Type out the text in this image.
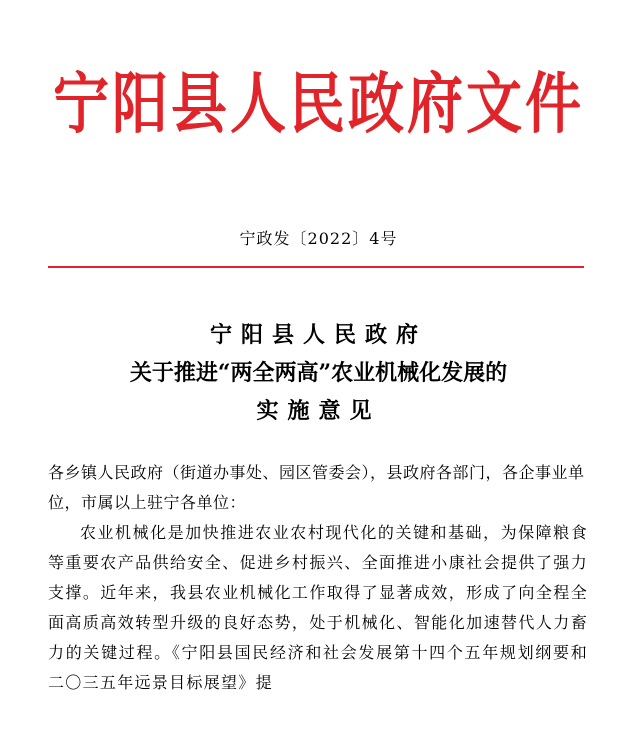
宁阳县人民政府文件
宁政发〔2022〕4号
宁阳县人民政府
关于推进“两全两高”农业机械化发展的
实施意见

各乡镇人民政府（街道办事处、园区管委会），县政府各部门，各企事业单位，市属以上驻宁各单位：

农业机械化是加快推进农业农村现代化的关键和基础，为保障粮食等重要农产品供给安全、促进乡村振兴、全面推进小康社会提供了强力支撑。近年来，我县农业机械化工作取得了显著成效，形成了向全程全面高质高效转型升级的良好态势，处于机械化、智能化加速替代人力畜力的关键过程。《宁阳县国民经济和社会发展第十四个五年规划纲要和二〇三五年远景目标展望》提
